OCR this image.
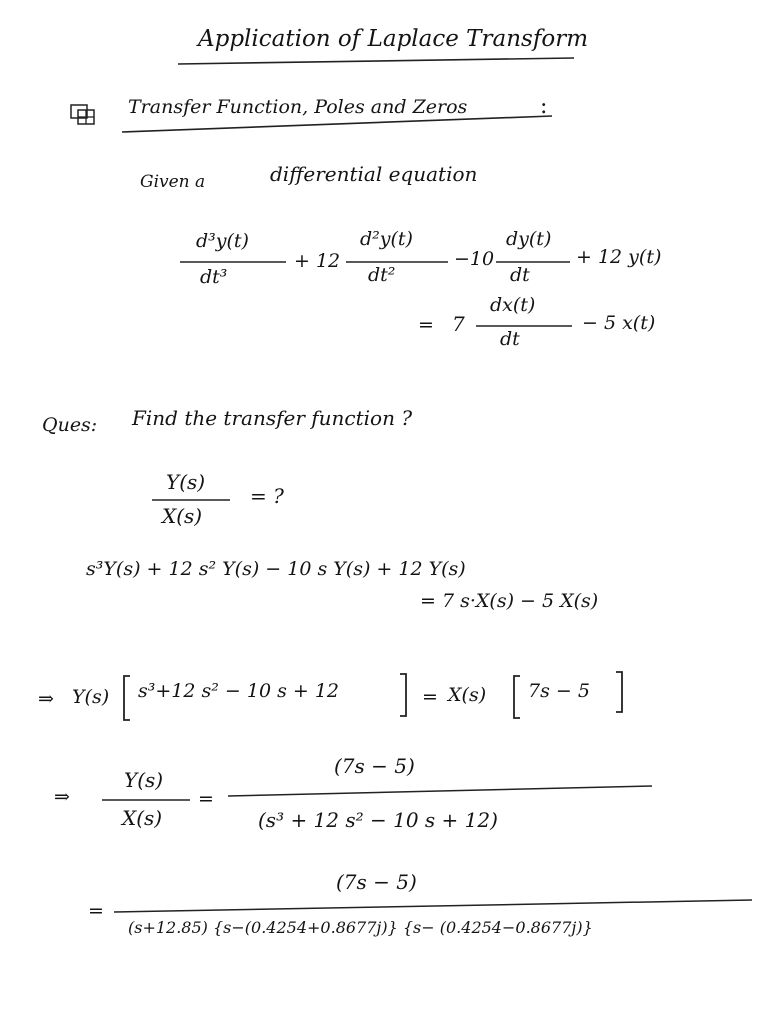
Application of Laplace Transform
Transfer Function, Poles and Zeros	:
Given a	differential equation
d³y(t)
dt³
+ 12
d²y(t)
dt²
−10
dy(t)
dt
+ 12 y(t)
= 7
dx(t)
dt
− 5 x(t)
Ques: Find the transfer function ?
Y(s)
X(s)
= ?
s³Y(s) + 12 s² Y(s) − 10 s Y(s) + 12 Y(s)
= 7 s·X(s) − 5 X(s)
⇒ Y(s) s³+12 s² − 10 s + 12	= X(s) 7s − 5
⇒
Y(s)
X(s)
=
(7s − 5)
(s³ + 12 s² − 10 s + 12)
=
(7s − 5)
(s+12.85) {s−(0.4254+0.8677j)} {s− (0.4254−0.8677j)}
